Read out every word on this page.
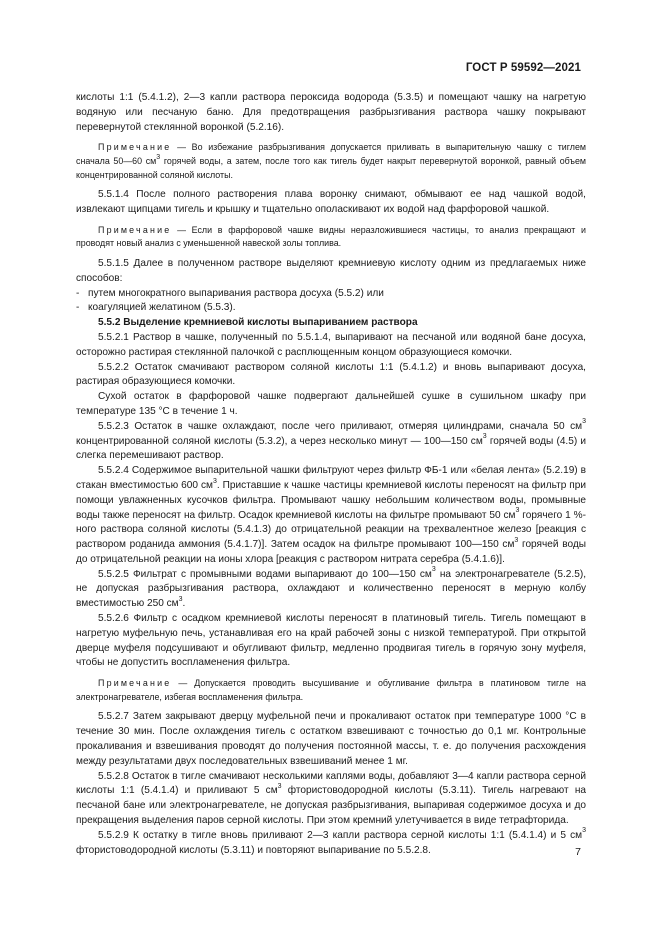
ГОСТ Р 59592—2021

кислоты 1:1 (5.4.1.2), 2—3 капли раствора пероксида водорода (5.3.5) и помещают чашку на нагретую водяную или песчаную баню. Для предотвращения разбрызгивания раствора чашку покрывают перевернутой стеклянной воронкой (5.2.16).

Примечание — Во избежание разбрызгивания допускается приливать в выпарительную чашку с тиглем сначала 50—60 $см^3$ горячей воды, а затем, после того как тигель будет накрыт перевернутой воронкой, равный объем концентрированной соляной кислоты.

5.5.1.4 После полного растворения плава воронку снимают, обмывают ее над чашкой водой, извлекают щипцами тигель и крышку и тщательно ополаскивают их водой над фарфоровой чашкой.

Примечание — Если в фарфоровой чашке видны неразложившиеся частицы, то анализ прекращают и проводят новый анализ с уменьшенной навеской золы топлива.

5.5.1.5 Далее в полученном растворе выделяют кремниевую кислоту одним из предлагаемых ниже способов:

- путем многократного выпаривания раствора досуха (5.5.2) или
- коагуляцией желатином (5.5.3).

5.5.2 Выделение кремниевой кислоты выпариванием раствора

5.5.2.1 Раствор в чашке, полученный по 5.5.1.4, выпаривают на песчаной или водяной бане досуха, осторожно растирая стеклянной палочкой с расплющенным концом образующиеся комочки.

5.5.2.2 Остаток смачивают раствором соляной кислоты 1:1 (5.4.1.2) и вновь выпаривают досуха, растирая образующиеся комочки.

Сухой остаток в фарфоровой чашке подвергают дальнейшей сушке в сушильном шкафу при температуре 135 °С в течение 1 ч.

5.5.2.3 Остаток в чашке охлаждают, после чего приливают, отмеряя цилиндрами, сначала 50 $см^3$ концентрированной соляной кислоты (5.3.2), а через несколько минут — 100—150 $см^3$ горячей воды (4.5) и слегка перемешивают раствор.

5.5.2.4 Содержимое выпарительной чашки фильтруют через фильтр ФБ-1 или «белая лента» (5.2.19) в стакан вместимостью 600 $см^3$. Приставшие к чашке частицы кремниевой кислоты переносят на фильтр при помощи увлажненных кусочков фильтра. Промывают чашку небольшим количеством воды, промывные воды также переносят на фильтр. Осадок кремниевой кислоты на фильтре промывают 50 $см^3$ горячего 1 %-ного раствора соляной кислоты (5.4.1.3) до отрицательной реакции на трехвалентное железо [реакция с раствором роданида аммония (5.4.1.7)]. Затем осадок на фильтре промывают 100—150 $см^3$ горячей воды до отрицательной реакции на ионы хлора [реакция с раствором нитрата серебра (5.4.1.6)].

5.5.2.5 Фильтрат с промывными водами выпаривают до 100—150 $см^3$ на электронагревателе (5.2.5), не допуская разбрызгивания раствора, охлаждают и количественно переносят в мерную колбу вместимостью 250 $см^3$.

5.5.2.6 Фильтр с осадком кремниевой кислоты переносят в платиновый тигель. Тигель помещают в нагретую муфельную печь, устанавливая его на край рабочей зоны с низкой температурой. При открытой дверце муфеля подсушивают и обугливают фильтр, медленно продвигая тигель в горячую зону муфеля, чтобы не допустить воспламенения фильтра.

Примечание — Допускается проводить высушивание и обугливание фильтра в платиновом тигле на электронагревателе, избегая воспламенения фильтра.

5.5.2.7 Затем закрывают дверцу муфельной печи и прокаливают остаток при температуре 1000 °С в течение 30 мин. После охлаждения тигель с остатком взвешивают с точностью до 0,1 мг. Контрольные прокаливания и взвешивания проводят до получения постоянной массы, т. е. до получения расхождения между результатами двух последовательных взвешиваний менее 1 мг.

5.5.2.8 Остаток в тигле смачивают несколькими каплями воды, добавляют 3—4 капли раствора серной кислоты 1:1 (5.4.1.4) и приливают 5 $см^3$ фтористоводородной кислоты (5.3.11). Тигель нагревают на песчаной бане или электронагревателе, не допуская разбрызгивания, выпаривая содержимое досуха и до прекращения выделения паров серной кислоты. При этом кремний улетучивается в виде тетрафторида.

5.5.2.9 К остатку в тигле вновь приливают 2—3 капли раствора серной кислоты 1:1 (5.4.1.4) и 5 $см^3$ фтористоводородной кислоты (5.3.11) и повторяют выпаривание по 5.5.2.8.	7
